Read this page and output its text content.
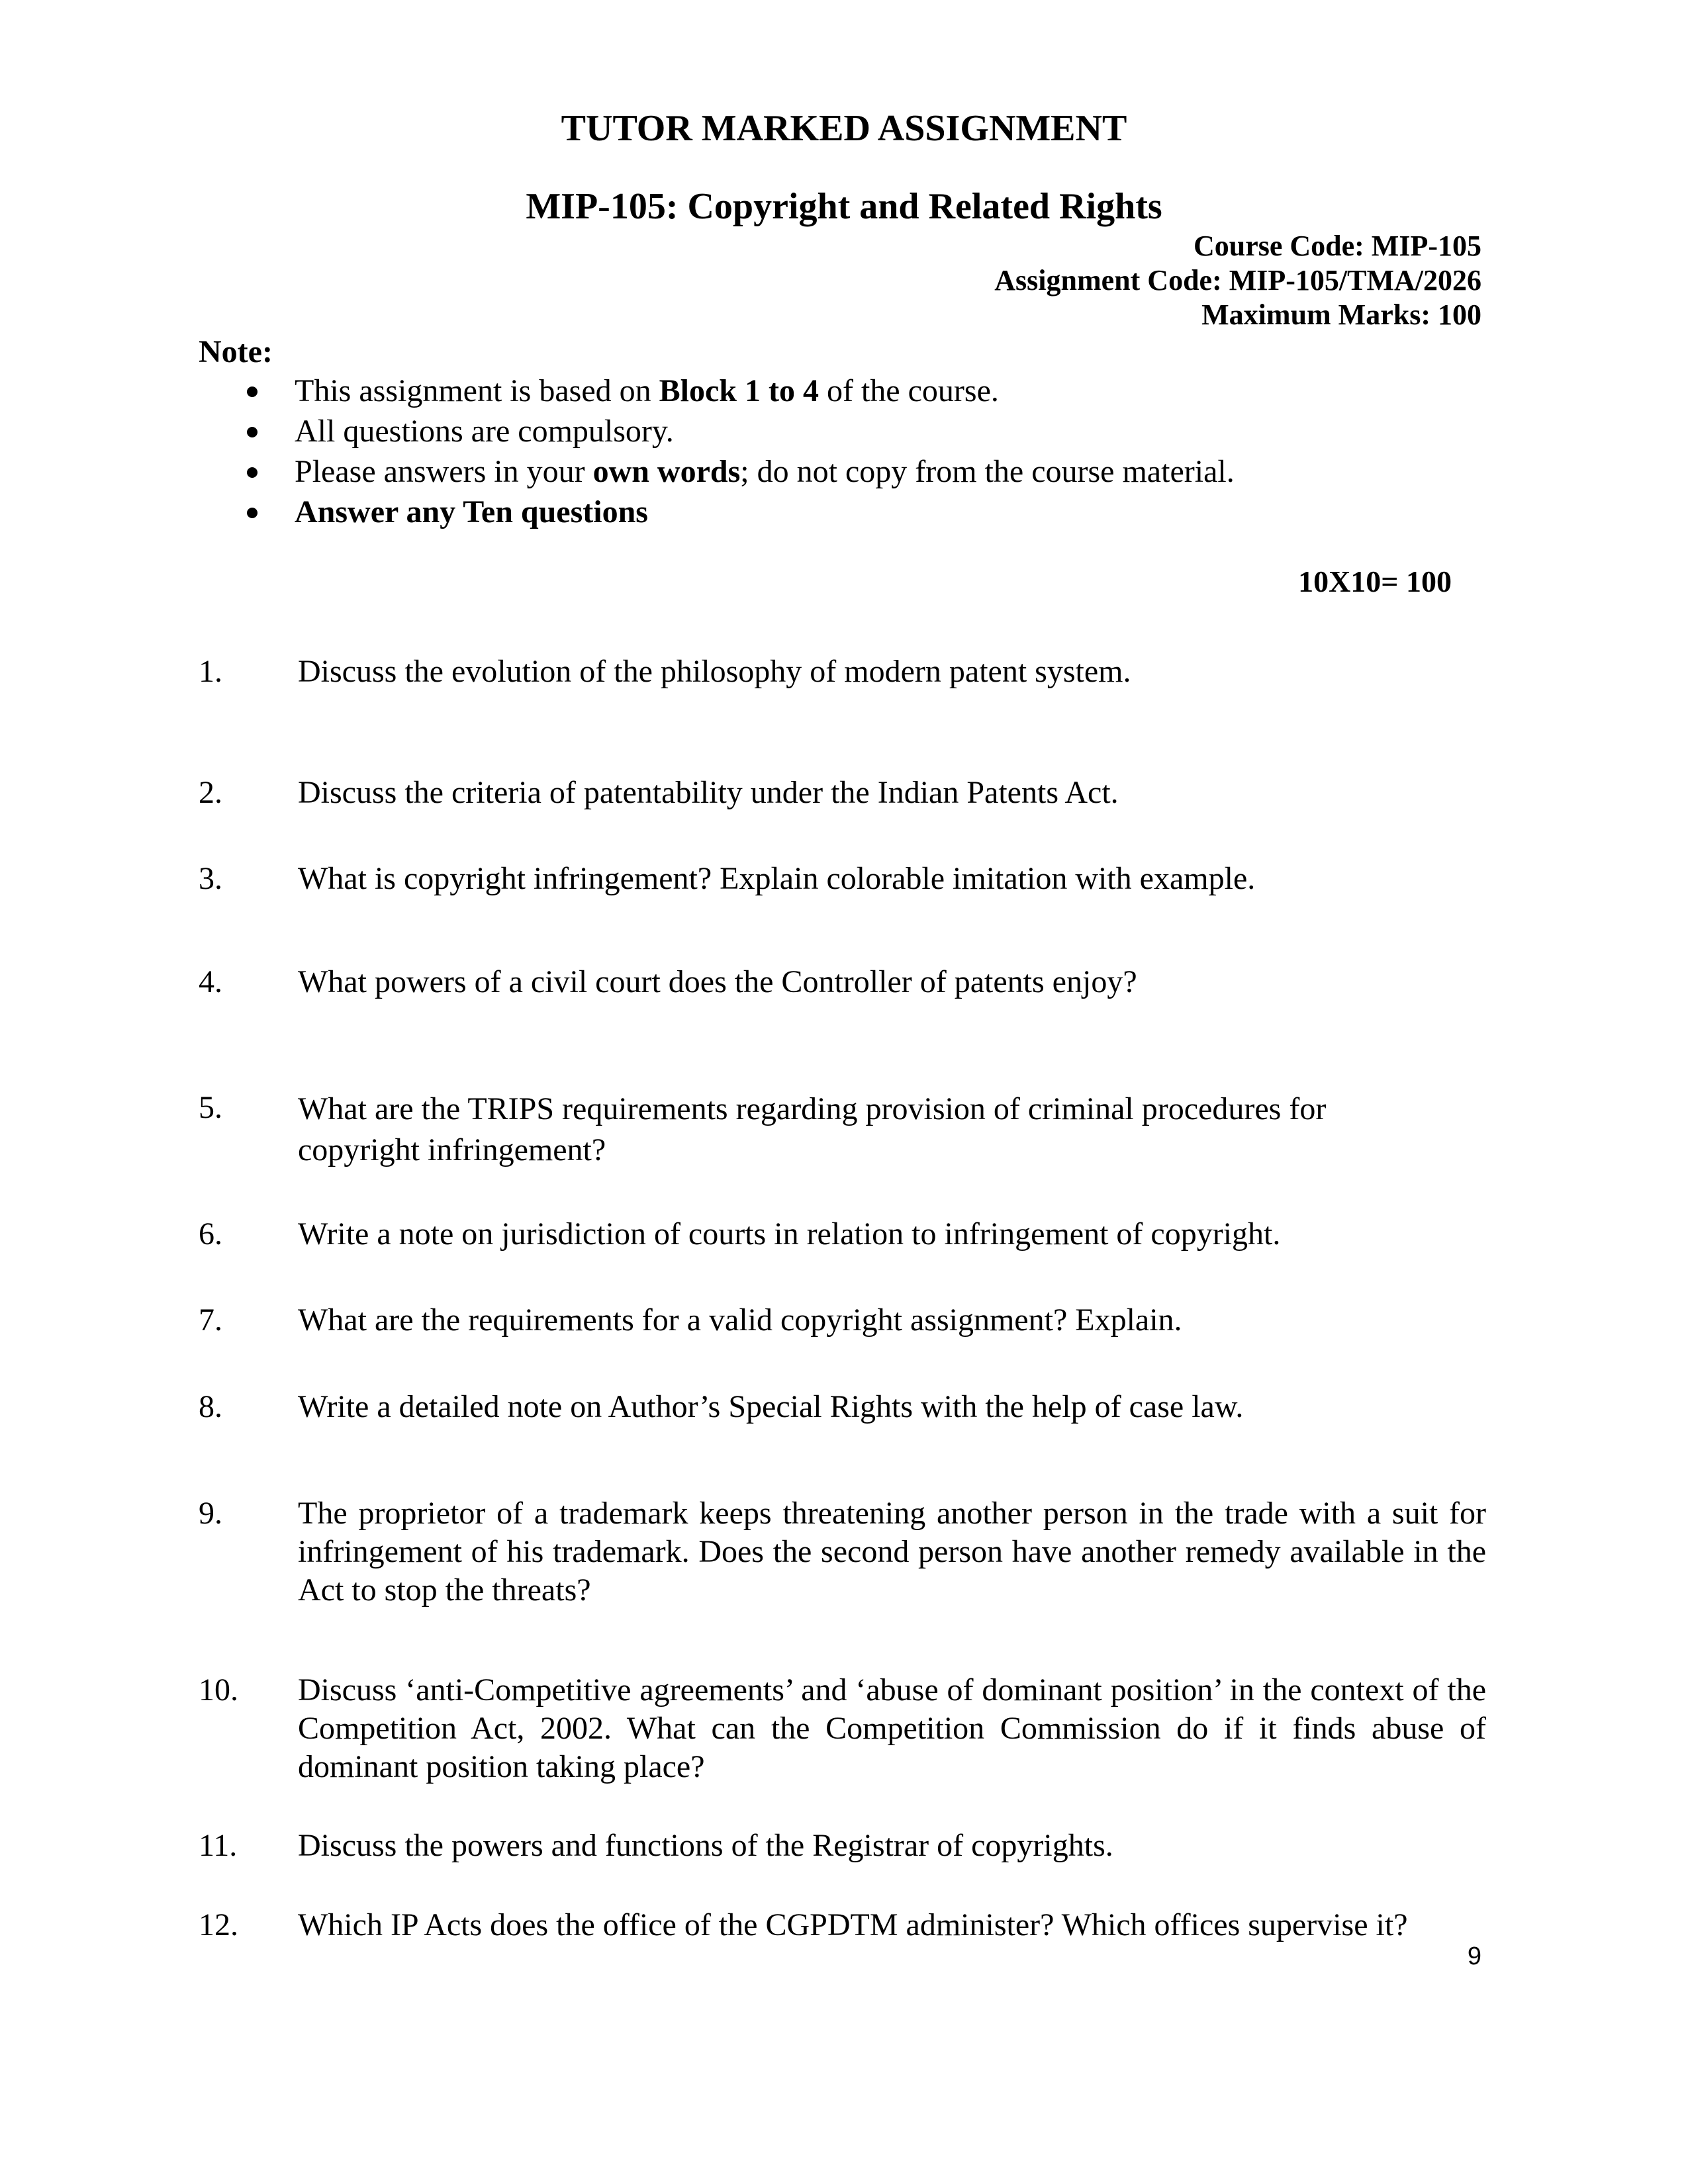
TUTOR MARKED ASSIGNMENT
MIP-105: Copyright and Related Rights
Course Code: MIP-105
Assignment Code: MIP-105/TMA/2026
Maximum Marks: 100
Note:
This assignment is based on Block 1 to 4 of the course.
All questions are compulsory.
Please answers in your own words; do not copy from the course material.
Answer any Ten questions
10X10= 100
1. Discuss the evolution of the philosophy of modern patent system.
2. Discuss the criteria of patentability under the Indian Patents Act.
3. What is copyright infringement? Explain colorable imitation with example.
4. What powers of a civil court does the Controller of patents enjoy?
5. What are the TRIPS requirements regarding provision of criminal procedures for copyright infringement?
6. Write a note on jurisdiction of courts in relation to infringement of copyright.
7. What are the requirements for a valid copyright assignment? Explain.
8. Write a detailed note on Author’s Special Rights with the help of case law.
9. The proprietor of a trademark keeps threatening another person in the trade with a suit for infringement of his trademark. Does the second person have another remedy available in the Act to stop the threats?
10. Discuss ‘anti-Competitive agreements’ and ‘abuse of dominant position’ in the context of the Competition Act, 2002. What can the Competition Commission do if it finds abuse of dominant position taking place?
11. Discuss the powers and functions of the Registrar of copyrights.
12. Which IP Acts does the office of the CGPDTM administer? Which offices supervise it?
9
